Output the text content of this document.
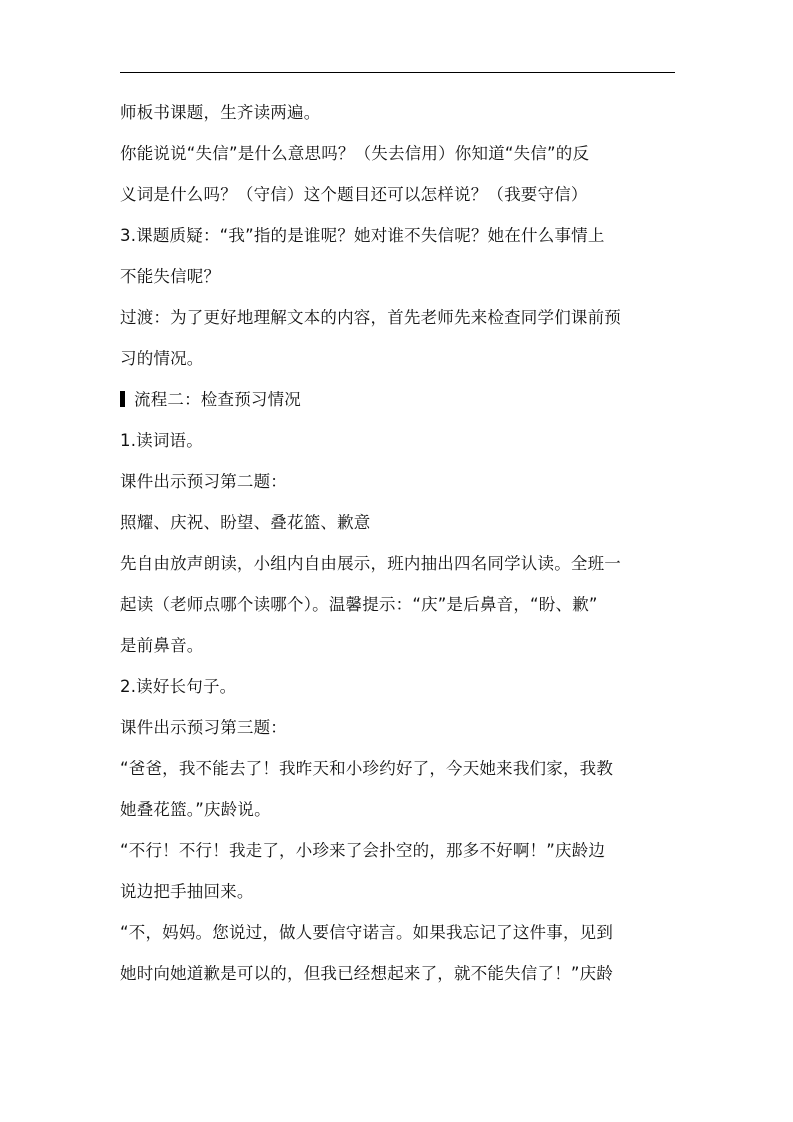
师板书课题，生齐读两遍。
你能说说“失信”是什么意思吗？（失去信用）你知道“失信”的反
义词是什么吗？（守信）这个题目还可以怎样说？（我要守信）
3.课题质疑：“我”指的是谁呢？她对谁不失信呢？她在什么事情上
不能失信呢？
过渡：为了更好地理解文本的内容，首先老师先来检查同学们课前预
习的情况。
流程二：检查预习情况
1.读词语。
课件出示预习第二题：
照耀、庆祝、盼望、叠花篮、歉意
先自由放声朗读，小组内自由展示，班内抽出四名同学认读。全班一
起读（老师点哪个读哪个）。温馨提示：“庆”是后鼻音，“盼、歉”
是前鼻音。
2.读好长句子。
课件出示预习第三题：
“爸爸，我不能去了！我昨天和小珍约好了，今天她来我们家，我教
她叠花篮。”庆龄说。
“不行！不行！我走了，小珍来了会扑空的，那多不好啊！”庆龄边
说边把手抽回来。
“不，妈妈。您说过，做人要信守诺言。如果我忘记了这件事，见到
她时向她道歉是可以的，但我已经想起来了，就不能失信了！”庆龄
